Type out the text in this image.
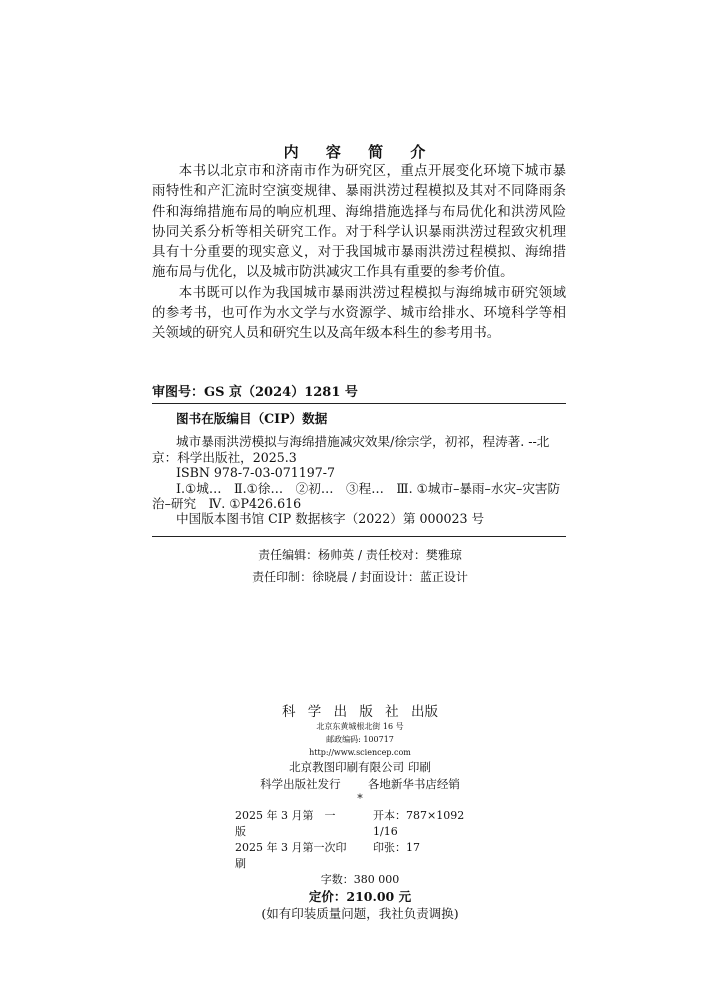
内 容 简 介

本书以北京市和济南市作为研究区，重点开展变化环境下城市暴雨特性和产汇流时空演变规律、暴雨洪涝过程模拟及其对不同降雨条件和海绵措施布局的响应机理、海绵措施选择与布局优化和洪涝风险协同关系分析等相关研究工作。对于科学认识暴雨洪涝过程致灾机理具有十分重要的现实意义，对于我国城市暴雨洪涝过程模拟、海绵措施布局与优化，以及城市防洪减灾工作具有重要的参考价值。

本书既可以作为我国城市暴雨洪涝过程模拟与海绵城市研究领域的参考书，也可作为水文学与水资源学、城市给排水、环境科学等相关领域的研究人员和研究生以及高年级本科生的参考用书。

审图号：GS 京（2024）1281 号
图书在版编目（CIP）数据
城市暴雨洪涝模拟与海绵措施减灾效果/徐宗学，初祁，程涛著. --北
京：科学出版社，2025.3
ISBN 978-7-03-071197-7
Ⅰ.①城…　Ⅱ.①徐…　②初…　③程…　Ⅲ. ①城市–暴雨–水灾–灾害防
治–研究　Ⅳ. ①P426.616
中国版本图书馆 CIP 数据核字（2022）第 000023 号
责任编辑：杨帅英 / 责任校对：樊雅琼
责任印制：徐晓晨 / 封面设计：蓝正设计
科 学 出 版 社 出版
北京东黄城根北街 16 号
邮政编码: 100717
http://www.sciencep.com
北京教图印刷有限公司 印刷
科学出版社发行 各地新华书店经销
*
2025 年 3 月第　一　版
开本：787×1092 1/16
2025 年 3 月第一次印刷
印张：17
字数：380 000
定价：210.00 元
(如有印装质量问题，我社负责调换)
